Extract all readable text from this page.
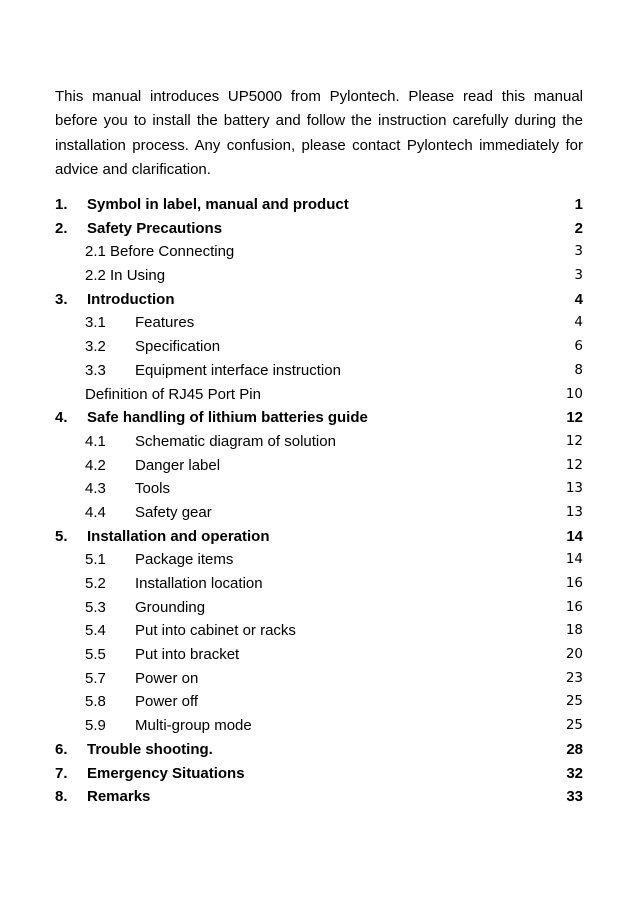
This manual introduces UP5000 from Pylontech. Please read this manual before you to install the battery and follow the instruction carefully during the installation process. Any confusion, please contact Pylontech immediately for advice and clarification.

1. Symbol in label, manual and product	1
2. Safety Precautions	2
2.1 Before Connecting	3
2.2 In Using	3
3. Introduction	4
3.1 Features	4
3.2 Specification	6
3.3 Equipment interface instruction	8
Definition of RJ45 Port Pin	10
4. Safe handling of lithium batteries guide	12
4.1 Schematic diagram of solution	12
4.2 Danger label	12
4.3 Tools	13
4.4 Safety gear	13
5. Installation and operation	14
5.1 Package items	14
5.2 Installation location	16
5.3 Grounding	16
5.4 Put into cabinet or racks	18
5.5 Put into bracket	20
5.7 Power on	23
5.8 Power off	25
5.9 Multi-group mode	25
6. Trouble shooting.	28
7. Emergency Situations	32
8. Remarks	33
